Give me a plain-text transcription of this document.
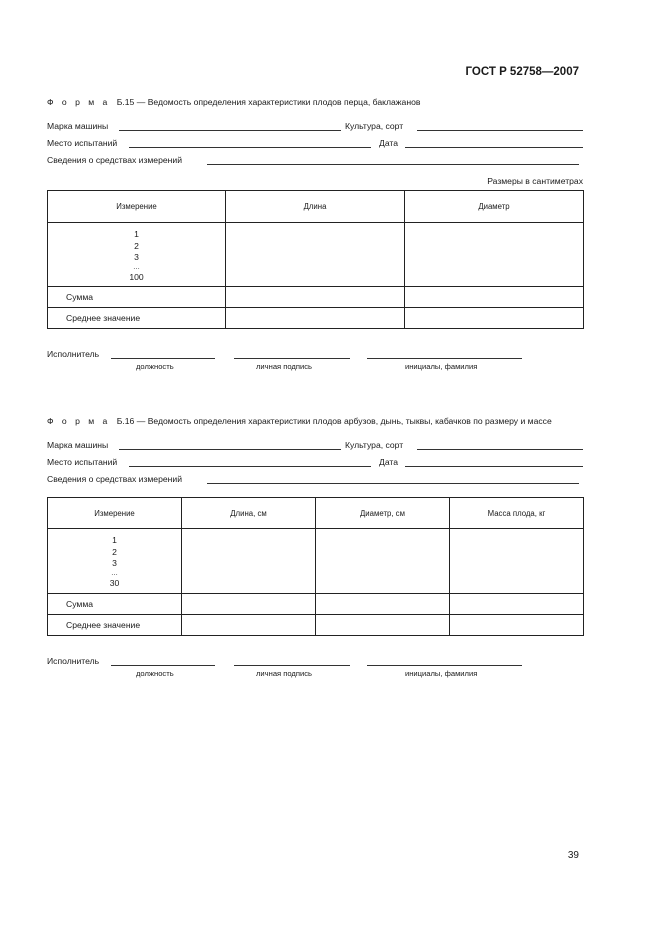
ГОСТ Р 52758—2007
Ф о р м а Б.15 — Ведомость определения характеристики плодов перца, баклажанов
Марка машины	Культура, сорт
Место испытаний	Дата
Сведения о средствах измерений
Размеры в сантиметрах
Измерение	Длина	Диаметр

1
2
3
…
100		

Сумма		
Среднее значение		
Исполнитель
должность	личная подпись	инициалы, фамилия
Ф о р м а Б.16 — Ведомость определения характеристики плодов арбузов, дынь, тыквы, кабачков по размеру и массе
Марка машины	Культура, сорт
Место испытаний	Дата
Сведения о средствах измерений
Измерение	Длина, см	Диаметр, см	Масса плода, кг

1
2
3
…
30			

Сумма			
Среднее значение			
Исполнитель
должность	личная подпись	инициалы, фамилия
39
